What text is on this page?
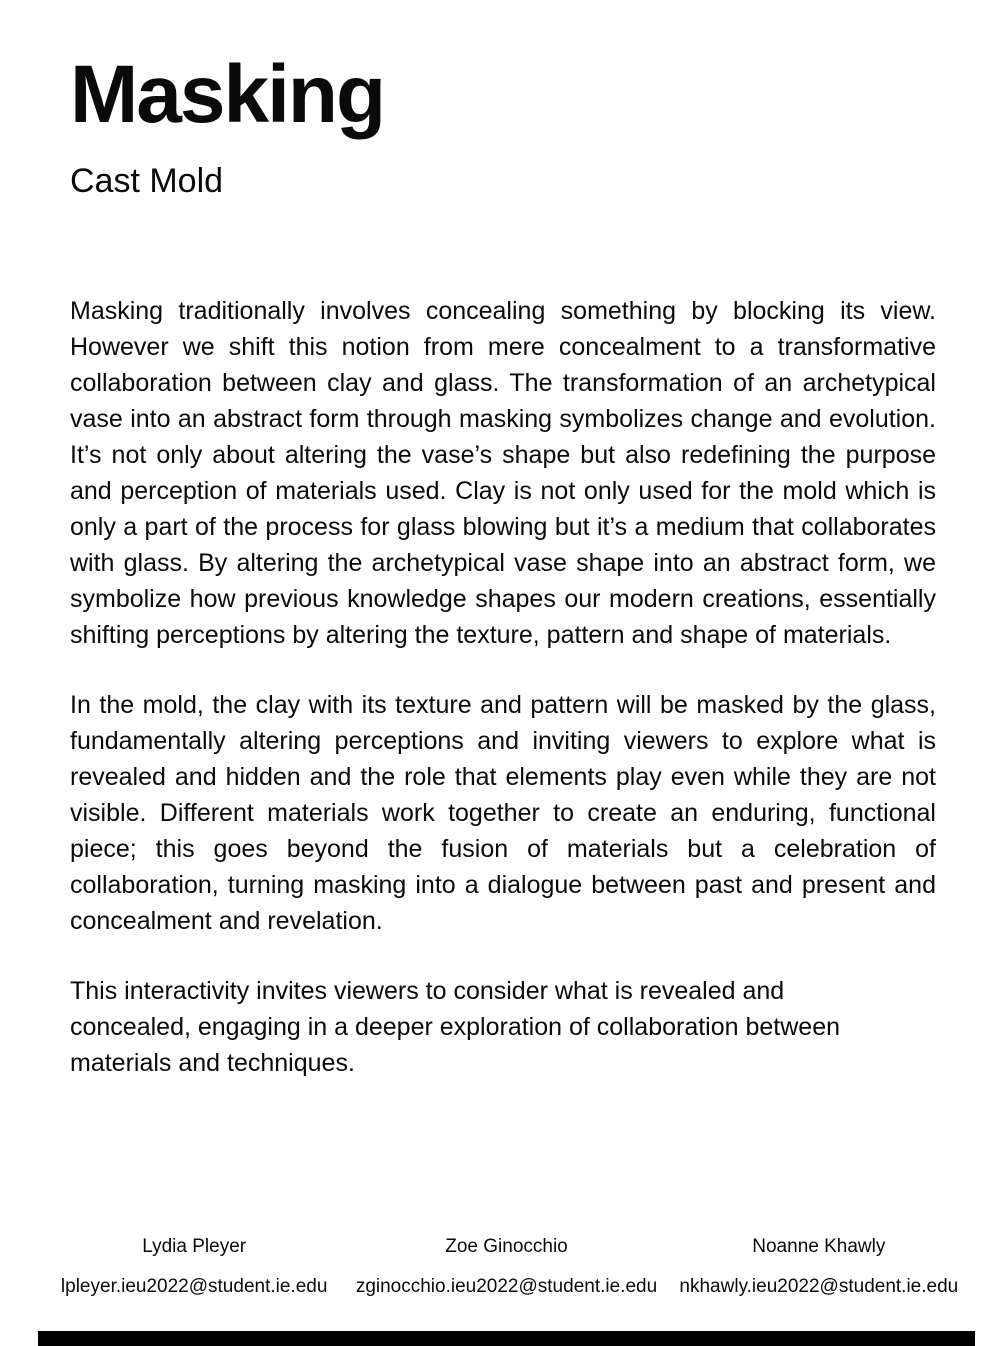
Masking
Cast Mold

Masking traditionally involves concealing something by blocking its view. However we shift this notion from mere concealment to a transformative collaboration between clay and glass. The transformation of an archetypical vase into an abstract form through masking symbolizes change and evolution. It’s not only about altering the vase’s shape but also redefining the purpose and perception of materials used. Clay is not only used for the mold which is only a part of the process for glass blowing but it’s a medium that collaborates with glass. By altering the archetypical vase shape into an abstract form, we symbolize how previous knowledge shapes our modern creations, essentially shifting perceptions by altering the texture, pattern and shape of materials.

In the mold, the clay with its texture and pattern will be masked by the glass, fundamentally altering perceptions and inviting viewers to explore what is revealed and hidden and the role that elements play even while they are not visible. Different materials work together to create an enduring, functional piece; this goes beyond the fusion of materials but a celebration of collaboration, turning masking into a dialogue between past and present and concealment and revelation.

This interactivity invites viewers to consider what is revealed and concealed, engaging in a deeper exploration of collaboration between materials and techniques.

Lydia Pleyer
lpleyer.ieu2022@student.ie.edu
Zoe Ginocchio
zginocchio.ieu2022@student.ie.edu
Noanne Khawly
nkhawly.ieu2022@student.ie.edu
